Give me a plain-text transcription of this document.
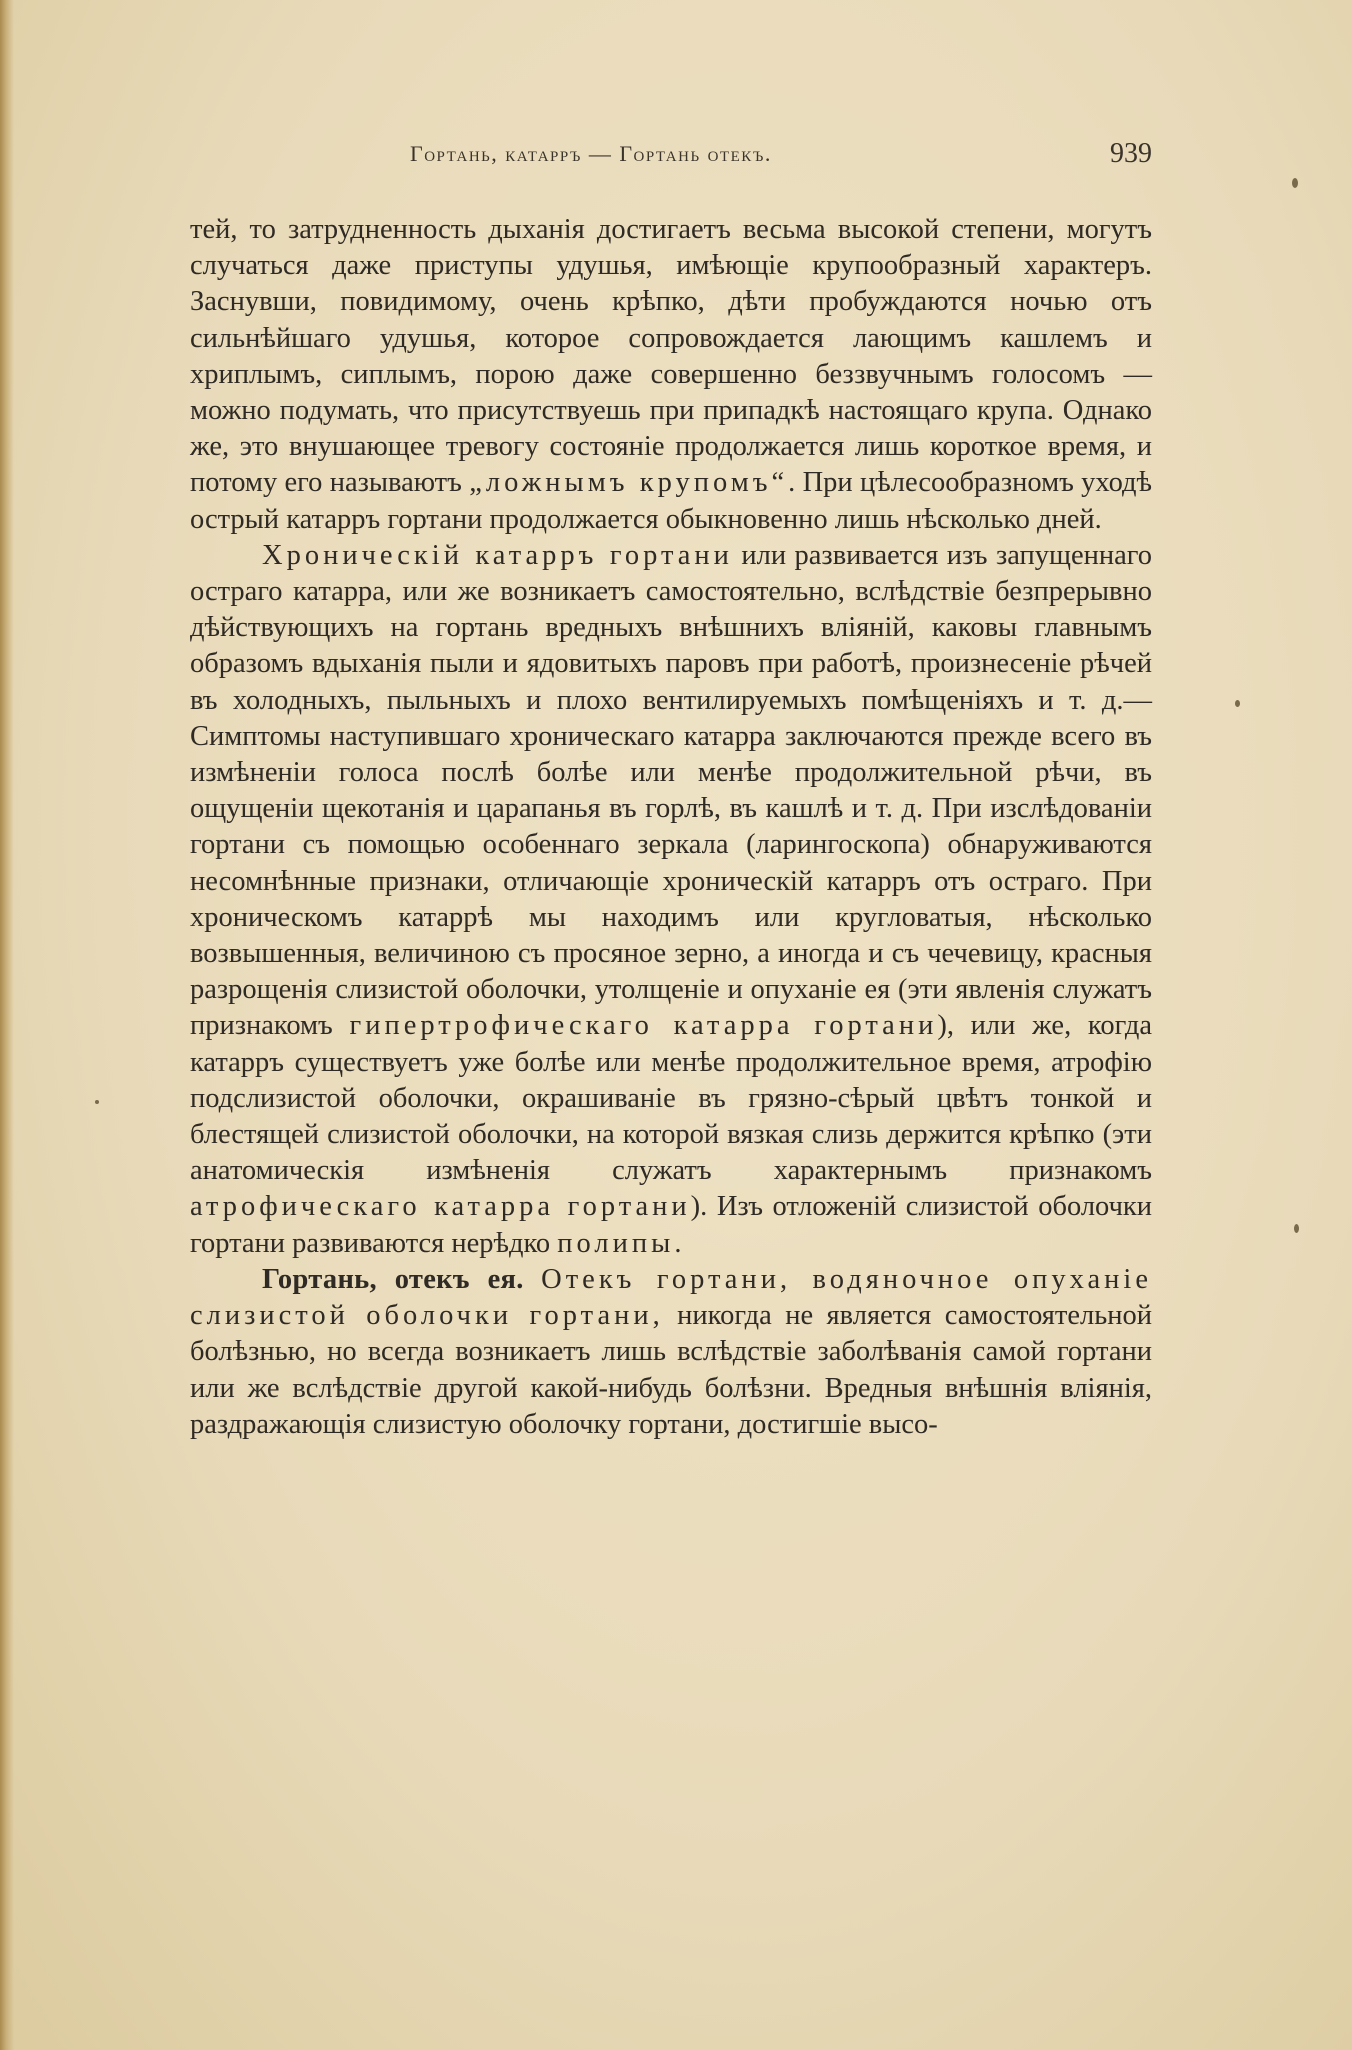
Гортань, катарръ — Гортань отекъ.	939

тей, то затрудненность дыханія достигаетъ весьма высокой степени, могутъ случаться даже приступы удушья, имѣющіе крупообразный характеръ. Заснувши, повидимому, очень крѣпко, дѣти пробуждаются ночью отъ сильнѣйшаго удушья, которое сопровождается лающимъ кашлемъ и хриплымъ, сиплымъ, порою даже совершенно беззвучнымъ голосомъ — можно подумать, что присутствуешь при припадкѣ настоящаго крупа. Однако же, это внушающее тревогу состояніе продолжается лишь короткое время, и потому его называютъ „ложнымъ крупомъ“. При цѣлесообразномъ уходѣ острый катарръ гортани продолжается обыкновенно лишь нѣсколько дней.

Хроническій катарръ гортани или развивается изъ запущеннаго остраго катарра, или же возникаетъ самостоятельно, вслѣдствіе безпрерывно дѣйствующихъ на гортань вредныхъ внѣшнихъ вліяній, каковы главнымъ образомъ вдыханія пыли и ядовитыхъ паровъ при работѣ, произнесеніе рѣчей въ холодныхъ, пыльныхъ и плохо вентилируемыхъ помѣщеніяхъ и т. д.—Симптомы наступившаго хроническаго катарра заключаются прежде всего въ измѣненіи голоса послѣ болѣе или менѣе продолжительной рѣчи, въ ощущеніи щекотанія и царапанья въ горлѣ, въ кашлѣ и т. д. При изслѣдованіи гортани съ помощью особеннаго зеркала (ларингоскопа) обнаруживаются несомнѣнные признаки, отличающіе хроническій катарръ отъ остраго. При хроническомъ катаррѣ мы находимъ или кругловатыя, нѣсколько возвышенныя, величиною съ просяное зерно, а иногда и съ чечевицу, красныя разрощенія слизистой оболочки, утолщеніе и опуханіе ея (эти явленія служатъ признакомъ гипертрофическаго катарра гортани), или же, когда катарръ существуетъ уже болѣе или менѣе продолжительное время, атрофію подслизистой оболочки, окрашиваніе въ грязно-сѣрый цвѣтъ тонкой и блестящей слизистой оболочки, на которой вязкая слизь держится крѣпко (эти анатомическія измѣненія служатъ характернымъ признакомъ атрофическаго катарра гортани). Изъ отложеній слизистой оболочки гортани развиваются нерѣдко полипы.

Гортань, отекъ ея. Отекъ гортани, водяночное опуханіе слизистой оболочки гортани, никогда не является самостоятельной болѣзнью, но всегда возникаетъ лишь вслѣдствіе заболѣванія самой гортани или же вслѣдствіе другой какой-нибудь болѣзни. Вредныя внѣшнія вліянія, раздражающія слизистую оболочку гортани, достигшіе высо-
